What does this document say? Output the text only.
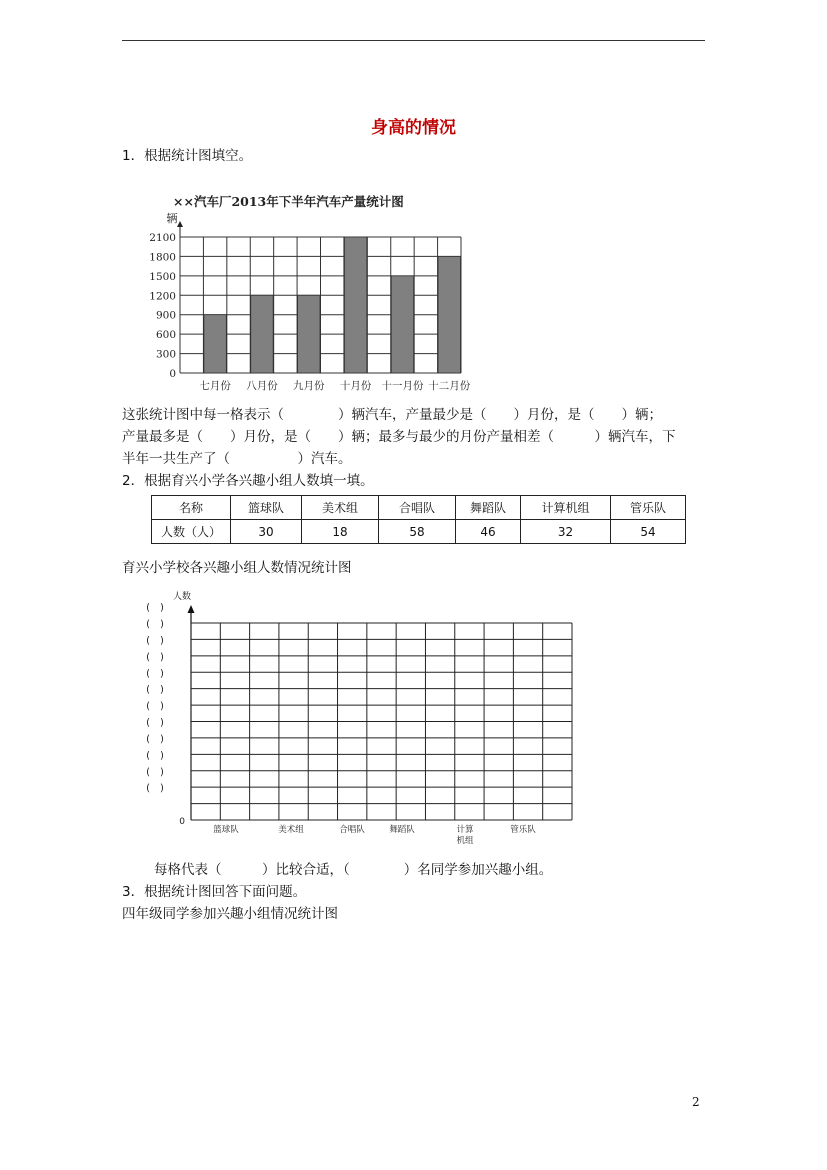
身高的情况
1．根据统计图填空。
××汽车厂2013年下半年汽车产量统计图
辆
0
300
600
900
1200
1500
1800
2100
七月份 八月份 九月份 十月份 十一月份 十二月份
这张统计图中每一格表示（　　　　）辆汽车，产量最少是（　　）月份，是（　　）辆；
产量最多是（　　）月份，是（　　）辆；最多与最少的月份产量相差（　　　）辆汽车，下
半年一共生产了（　　　　　）汽车。
2．根据育兴小学各兴趣小组人数填一填。
名称	篮球队	美术组	合唱队	舞蹈队	计算机组	管乐队
人数（人）	30	18	58	46	32	54
育兴小学校各兴趣小组人数情况统计图
人数
0
(　)
(　)
(　)
(　)
(　)
(　)
(　)
(　)
(　)
(　)
(　)
(　)
篮球队	美术组	合唱队	舞蹈队	计算
机组
管乐队
每格代表（　　　）比较合适，（　　　　）名同学参加兴趣小组。
3．根据统计图回答下面问题。
四年级同学参加兴趣小组情况统计图
2
